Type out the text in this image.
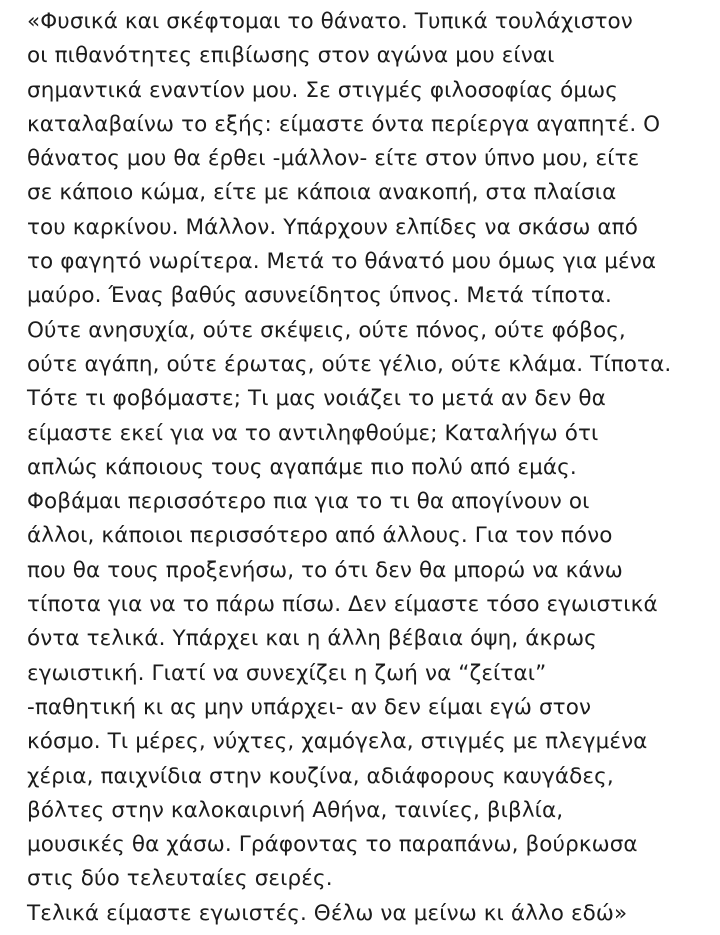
«Φυσικά και σκέφτομαι το θάνατο. Τυπικά τουλάχιστον
οι πιθανότητες επιβίωσης στον αγώνα μου είναι
σημαντικά εναντίον μου. Σε στιγμές φιλοσοφίας όμως
καταλαβαίνω το εξής: είμαστε όντα περίεργα αγαπητέ. Ο
θάνατος μου θα έρθει -μάλλον- είτε στον ύπνο μου, είτε
σε κάποιο κώμα, είτε με κάποια ανακοπή, στα πλαίσια
του καρκίνου. Μάλλον. Υπάρχουν ελπίδες να σκάσω από
το φαγητό νωρίτερα. Μετά το θάνατό μου όμως για μένα
μαύρο. Ένας βαθύς ασυνείδητος ύπνος. Μετά τίποτα.
Ούτε ανησυχία, ούτε σκέψεις, ούτε πόνος, ούτε φόβος,
ούτε αγάπη, ούτε έρωτας, ούτε γέλιο, ούτε κλάμα. Τίποτα.
Τότε τι φοβόμαστε; Τι μας νοιάζει το μετά αν δεν θα
είμαστε εκεί για να το αντιληφθούμε; Καταλήγω ότι
απλώς κάποιους τους αγαπάμε πιο πολύ από εμάς.
Φοβάμαι περισσότερο πια για το τι θα απογίνουν οι
άλλοι, κάποιοι περισσότερο από άλλους. Για τον πόνο
που θα τους προξενήσω, το ότι δεν θα μπορώ να κάνω
τίποτα για να το πάρω πίσω. Δεν είμαστε τόσο εγωιστικά
όντα τελικά. Υπάρχει και η άλλη βέβαια όψη, άκρως
εγωιστική. Γιατί να συνεχίζει η ζωή να “ζείται”
-παθητική κι ας μην υπάρχει- αν δεν είμαι εγώ στον
κόσμο. Τι μέρες, νύχτες, χαμόγελα, στιγμές με πλεγμένα
χέρια, παιχνίδια στην κουζίνα, αδιάφορους καυγάδες,
βόλτες στην καλοκαιρινή Αθήνα, ταινίες, βιβλία,
μουσικές θα χάσω. Γράφοντας το παραπάνω, βούρκωσα
στις δύο τελευταίες σειρές.
Τελικά είμαστε εγωιστές. Θέλω να μείνω κι άλλο εδώ»
